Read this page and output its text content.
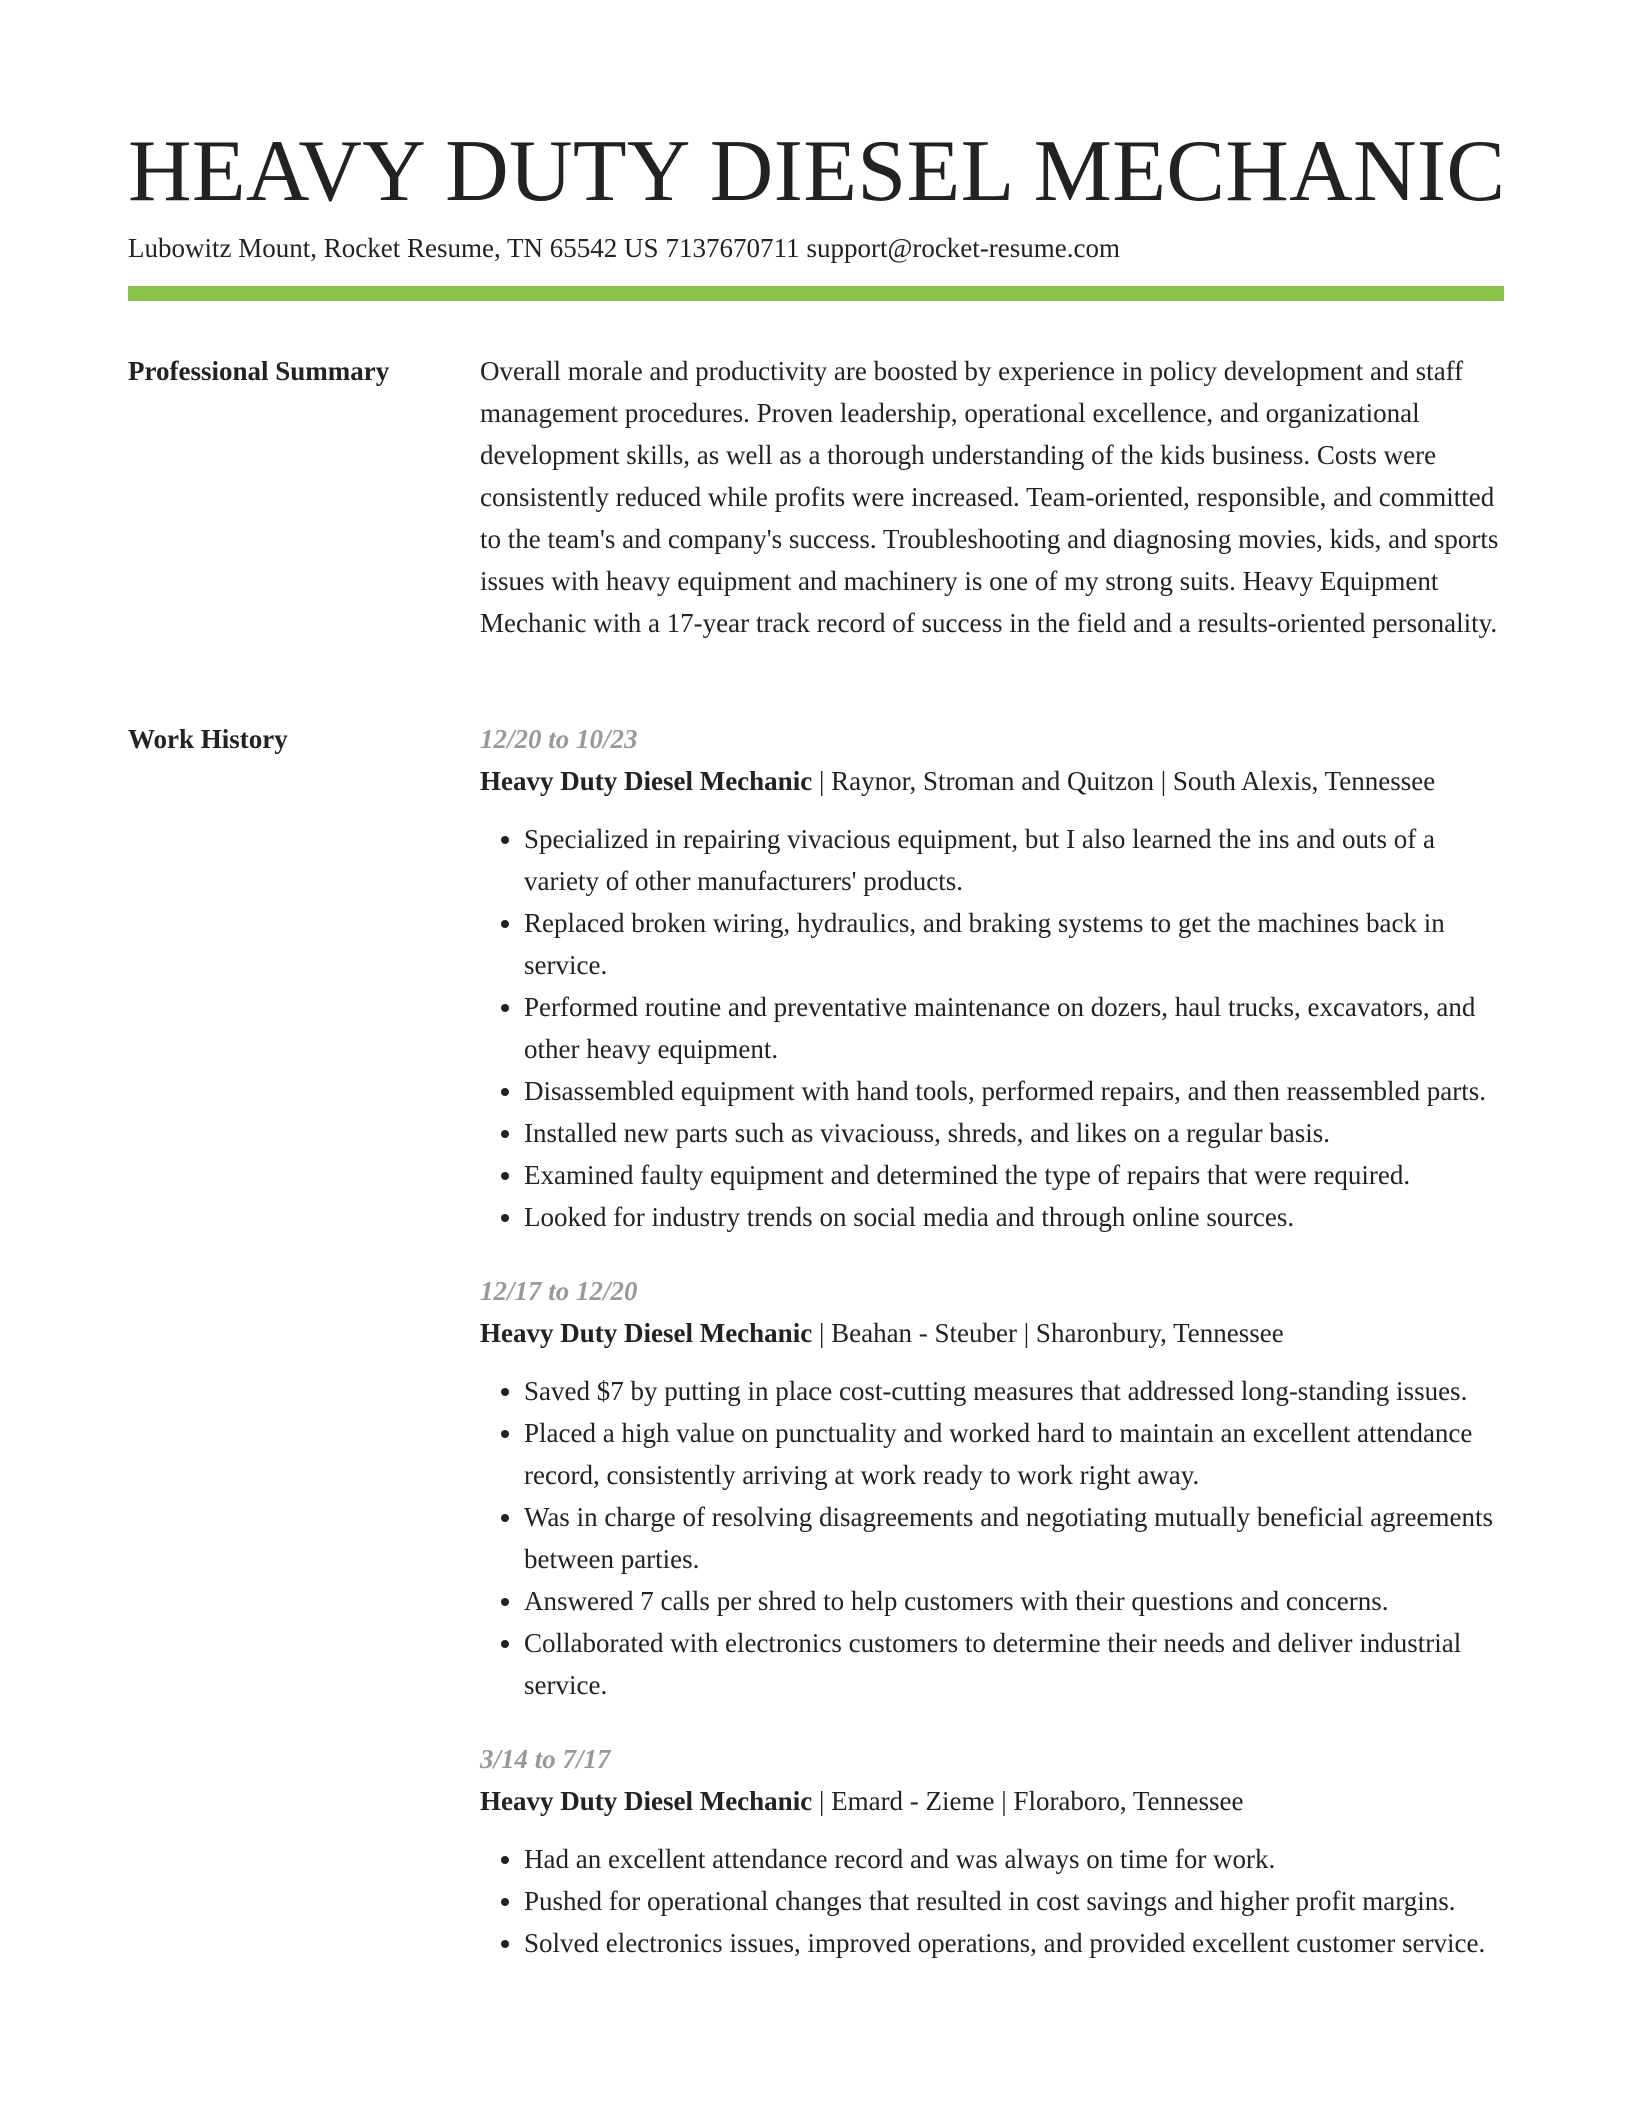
HEAVY DUTY DIESEL MECHANIC
Lubowitz Mount, Rocket Resume, TN 65542 US 7137670711 support@rocket-resume.com
Professional Summary	Overall morale and productivity are boosted by experience in policy development and staff management procedures. Proven leadership, operational excellence, and organizational development skills, as well as a thorough understanding of the kids business. Costs were consistently reduced while profits were increased. Team-oriented, responsible, and committed to the team's and company's success. Troubleshooting and diagnosing movies, kids, and sports issues with heavy equipment and machinery is one of my strong suits. Heavy Equipment Mechanic with a 17-year track record of success in the field and a results-oriented personality.

Work History	12/20 to 10/23
Heavy Duty Diesel Mechanic | Raynor, Stroman and Quitzon | South Alexis, Tennessee
• Specialized in repairing vivacious equipment, but I also learned the ins and outs of a variety of other manufacturers' products.
• Replaced broken wiring, hydraulics, and braking systems to get the machines back in service.
• Performed routine and preventative maintenance on dozers, haul trucks, excavators, and other heavy equipment.
• Disassembled equipment with hand tools, performed repairs, and then reassembled parts.
• Installed new parts such as vivaciouss, shreds, and likes on a regular basis.
• Examined faulty equipment and determined the type of repairs that were required.
• Looked for industry trends on social media and through online sources.
12/17 to 12/20
Heavy Duty Diesel Mechanic | Beahan - Steuber | Sharonbury, Tennessee
• Saved $7 by putting in place cost-cutting measures that addressed long-standing issues.
• Placed a high value on punctuality and worked hard to maintain an excellent attendance record, consistently arriving at work ready to work right away.
• Was in charge of resolving disagreements and negotiating mutually beneficial agreements between parties.
• Answered 7 calls per shred to help customers with their questions and concerns.
• Collaborated with electronics customers to determine their needs and deliver industrial service.
3/14 to 7/17
Heavy Duty Diesel Mechanic | Emard - Zieme | Floraboro, Tennessee
• Had an excellent attendance record and was always on time for work.
• Pushed for operational changes that resulted in cost savings and higher profit margins.
• Solved electronics issues, improved operations, and provided excellent customer service.
